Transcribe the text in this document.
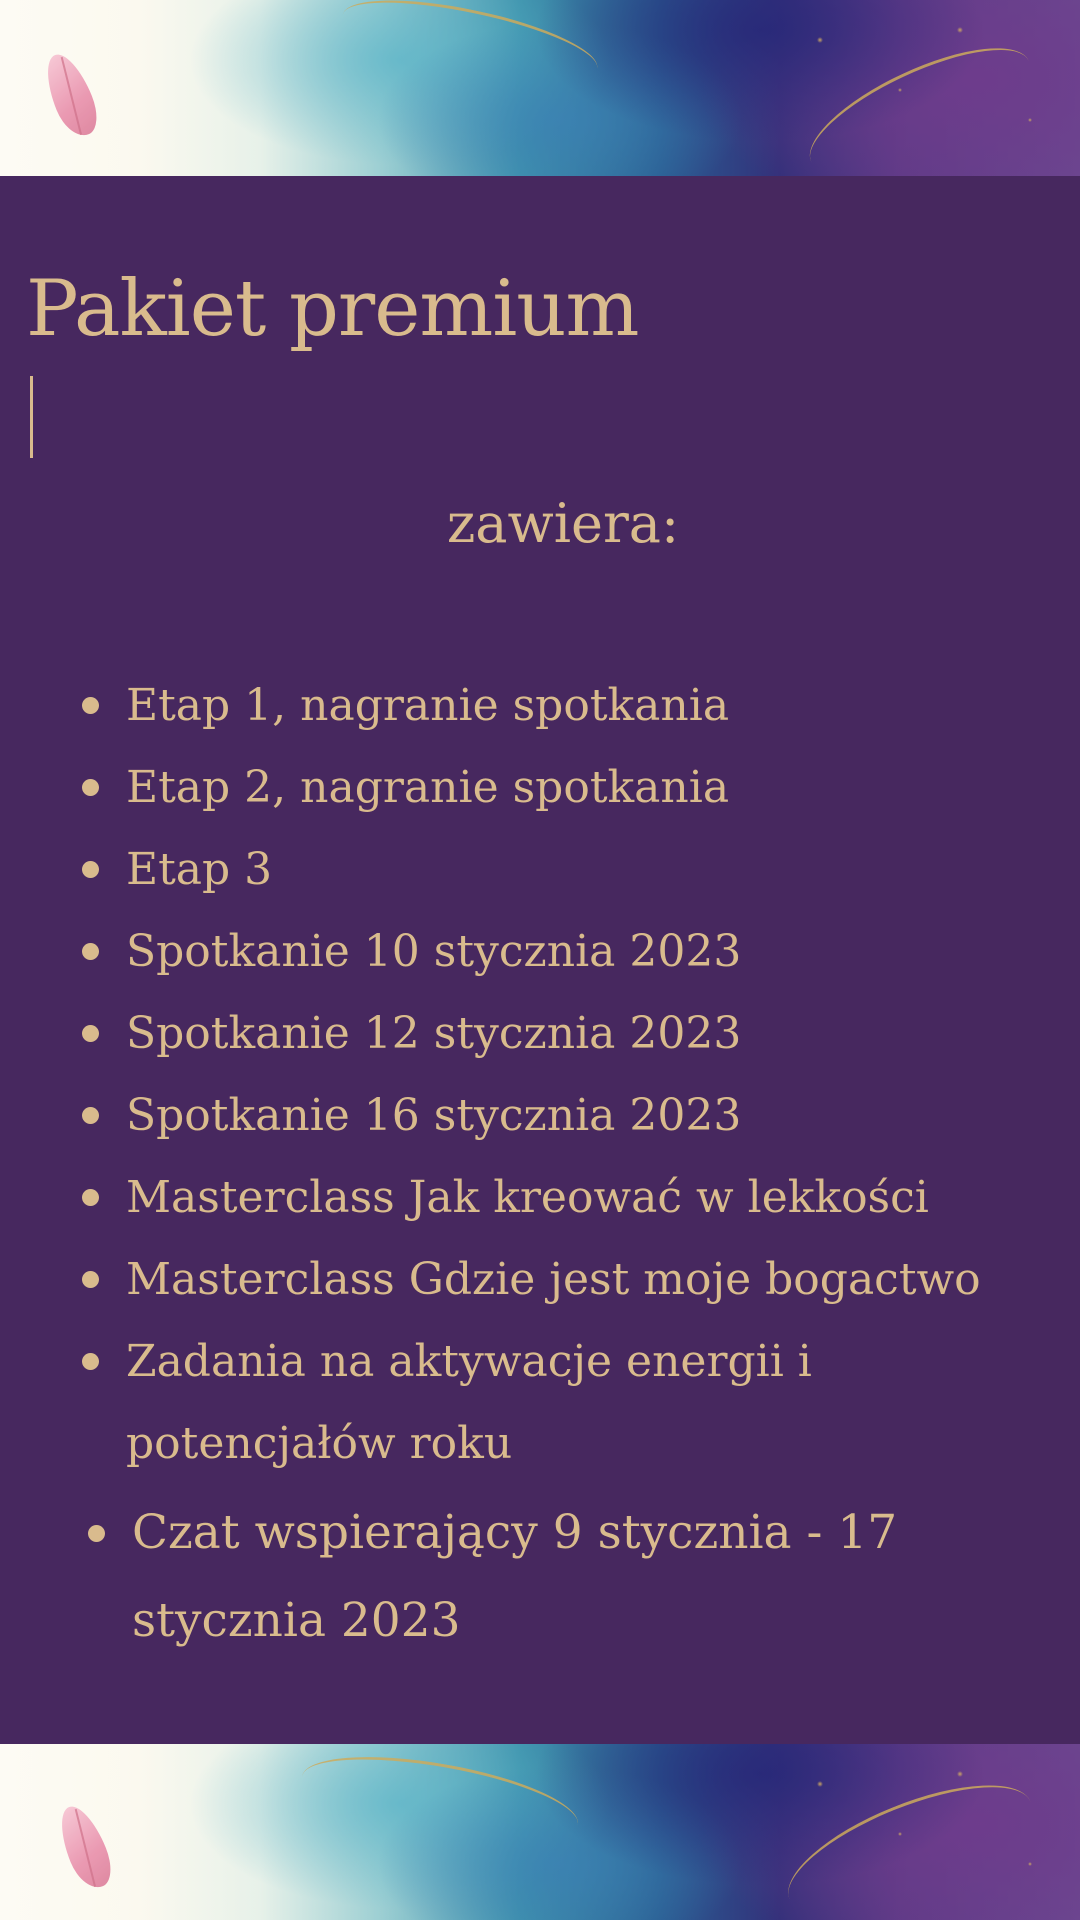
Pakiet premium
zawiera:
Etap 1, nagranie spotkania
Etap 2, nagranie spotkania
Etap 3
Spotkanie 10 stycznia 2023
Spotkanie 12 stycznia 2023
Spotkanie 16 stycznia 2023
Masterclass Jak kreować w lekkości
Masterclass Gdzie jest moje bogactwo
Zadania na aktywacje energii i potencjałów roku
Czat wspierający 9 stycznia - 17 stycznia 2023
